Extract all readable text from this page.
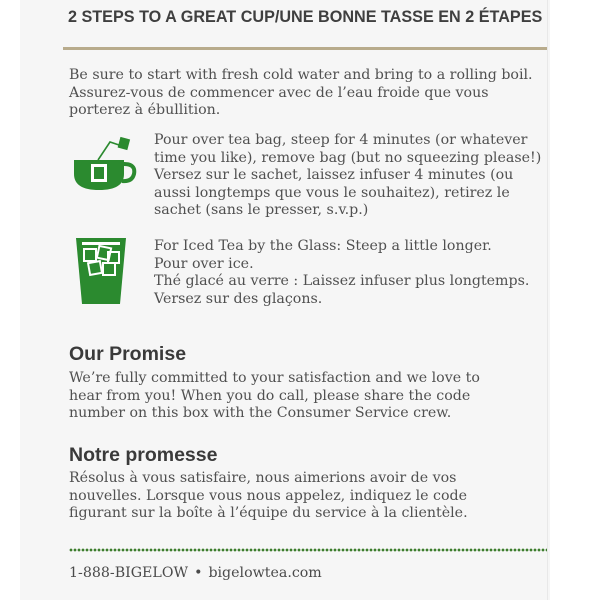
2 STEPS TO A GREAT CUP/UNE BONNE TASSE EN 2 ÉTAPES
Be sure to start with fresh cold water and bring to a rolling boil.
Assurez-vous de commencer avec de l’eau froide que vous
porterez à ébullition.
Pour over tea bag, steep for 4 minutes (or whatever
time you like), remove bag (but no squeezing please!)
Versez sur le sachet, laissez infuser 4 minutes (ou
aussi longtemps que vous le souhaitez), retirez le
sachet (sans le presser, s.v.p.)
For Iced Tea by the Glass: Steep a little longer.
Pour over ice.
Thé glacé au verre : Laissez infuser plus longtemps.
Versez sur des glaçons.
Our Promise
We’re fully committed to your satisfaction and we love to
hear from you! When you do call, please share the code
number on this box with the Consumer Service crew.
Notre promesse
Résolus à vous satisfaire, nous aimerions avoir de vos
nouvelles. Lorsque vous nous appelez, indiquez le code
figurant sur la boîte à l’équipe du service à la clientèle.
1-888-BIGELOW • bigelowtea.com
